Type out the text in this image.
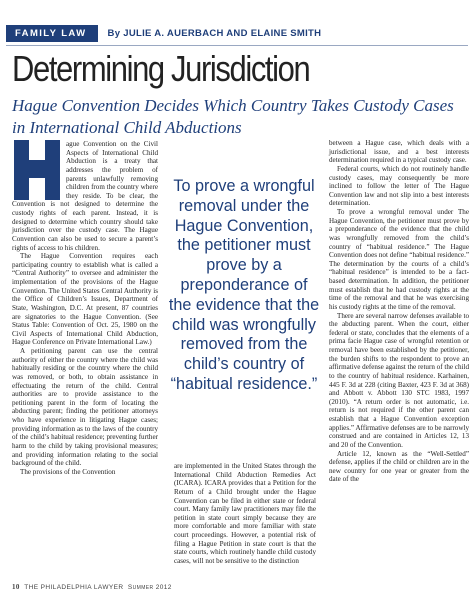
FAMILY LAW	By JULIE A. AUERBACH AND ELAINE SMITH
Determining Jurisdiction
Hague Convention Decides Which Country Takes Custody Cases in International Child Abductions

ague Convention on the Civil Aspects of International Child Abduction is a treaty that addresses the problem of parents unlawfully removing children from the country where they reside. To be clear, the Convention is not designed to determine the custody rights of each parent. Instead, it is designed to determine which country should take jurisdiction over the custody case. The Hague Convention can also be used to secure a parent’s rights of access to his children.

The Hague Convention requires each participating country to establish what is called a “Central Authority” to oversee and administer the implementation of the provisions of the Hague Convention. The United States Central Authority is the Office of Children’s Issues, Department of State, Washington, D.C. At present, 87 countries are signatories to the Hague Convention. (See Status Table: Convention of Oct. 25, 1980 on the Civil Aspects of International Child Abduction, Hague Conference on Private International Law.)

A petitioning parent can use the central authority of either the country where the child was habitually residing or the country where the child was removed, or both, to obtain assistance in effectuating the return of the child. Central authorities are to provide assistance to the petitioning parent in the form of locating the abducting parent; finding the petitioner attorneys who have experience in litigating Hague cases; providing information as to the laws of the country of the child’s habitual residence; preventing further harm to the child by taking provisional measures; and providing information relating to the social background of the child.

The provisions of the Convention

To prove a wrongful removal under the Hague Convention, the petitioner must prove by a preponderance of the evidence that the child was wrongfully removed from the child’s country of “habitual residence.”

are implemented in the United States through the International Child Abduction Remedies Act (ICARA). ICARA provides that a Petition for the Return of a Child brought under the Hague Convention can be filed in either state or federal court. Many family law practitioners may file the petition in state court simply because they are more comfortable and more familiar with state court proceedings. However, a potential risk of filing a Hague Petition in state court is that the state courts, which routinely handle child custody cases, will not be sensitive to the distinction

between a Hague case, which deals with a jurisdictional issue, and a best interests determination required in a typical custody case.

Federal courts, which do not routinely handle custody cases, may consequently be more inclined to follow the letter of The Hague Convention law and not slip into a best interests determination.

To prove a wrongful removal under The Hague Convention, the petitioner must prove by a preponderance of the evidence that the child was wrongfully removed from the child’s country of “habitual residence.” The Hague Convention does not define “habitual residence.” The determination by the courts of a child’s “habitual residence” is intended to be a fact-based determination. In addition, the petitioner must establish that he had custody rights at the time of the removal and that he was exercising his custody rights at the time of the removal.

There are several narrow defenses available to the abducting parent. When the court, either federal or state, concludes that the elements of a prima facie Hague case of wrongful retention or removal have been established by the petitioner, the burden shifts to the respondent to prove an affirmative defense against the return of the child to the country of habitual residence. Karhainen, 445 F. 3d at 228 (citing Baxter, 423 F. 3d at 368) and Abbott v. Abbott 130 STC 1983, 1997 (2010). “A return order is not automatic, i.e. return is not required if the other parent can establish that a Hague Convention exception applies.” Affirmative defenses are to be narrowly construed and are contained in Articles 12, 13 and 20 of the Convention.

Article 12, known as the “Well-Settled” defense, applies if the child or children are in the new country for one year or greater from the date of the

10 THE PHILADELPHIA LAWYER Summer 2012
